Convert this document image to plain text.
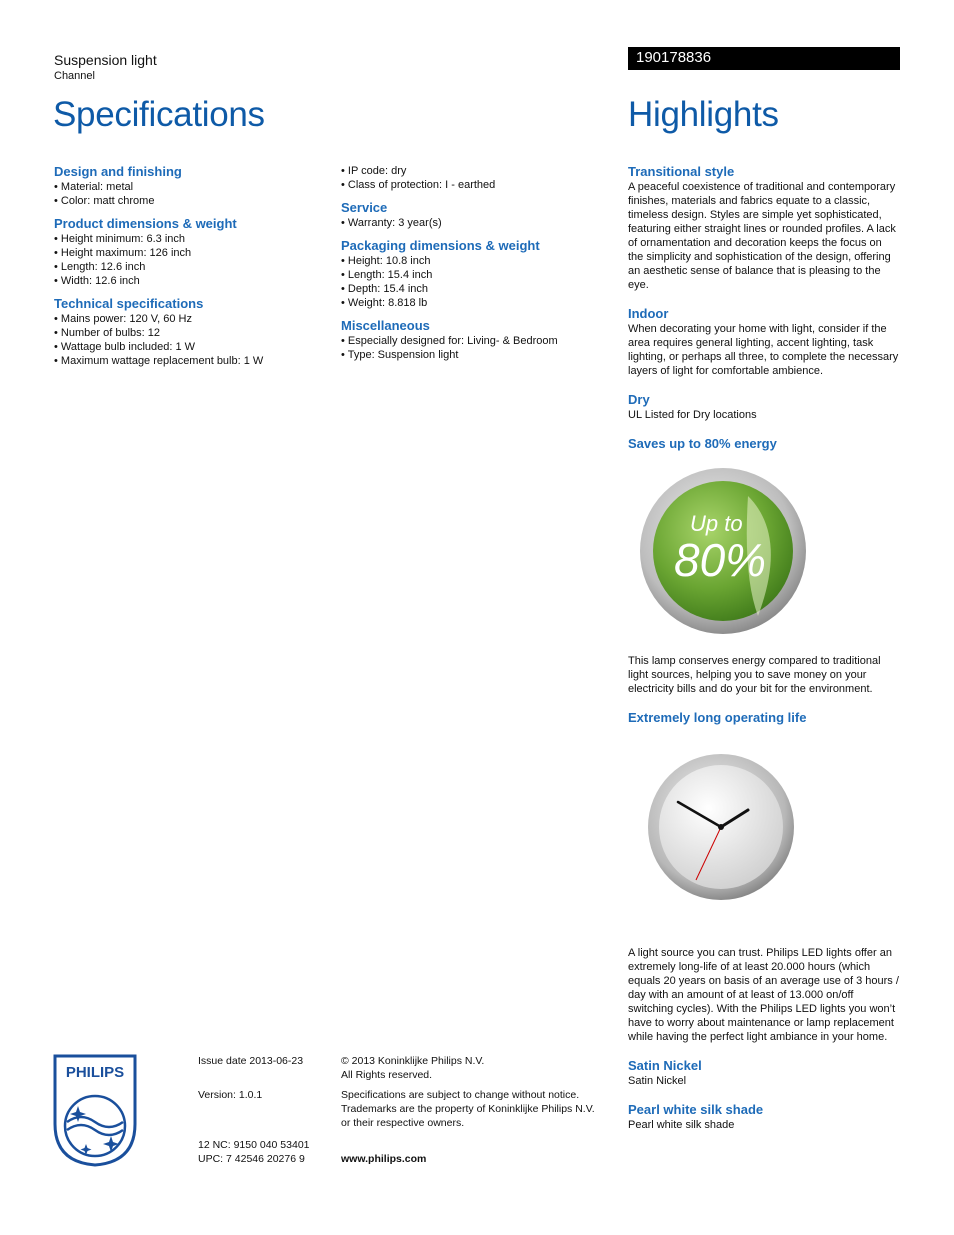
Suspension light
Channel
190178836
Specifications	Highlights
Design and finishing
• Material: metal
• Color: matt chrome
Product dimensions & weight
• Height minimum: 6.3 inch
• Height maximum: 126 inch
• Length: 12.6 inch
• Width: 12.6 inch
Technical specifications
• Mains power: 120 V, 60 Hz
• Number of bulbs: 12
• Wattage bulb included: 1 W
• Maximum wattage replacement bulb: 1 W
• IP code: dry
• Class of protection: I - earthed
Service
• Warranty: 3 year(s)
Packaging dimensions & weight
• Height: 10.8 inch
• Length: 15.4 inch
• Depth: 15.4 inch
• Weight: 8.818 lb
Miscellaneous
• Especially designed for: Living- & Bedroom
• Type: Suspension light
Transitional style
A peaceful coexistence of traditional and contemporary finishes, materials and fabrics equate to a classic, timeless design. Styles are simple yet sophisticated, featuring either straight lines or rounded profiles. A lack of ornamentation and decoration keeps the focus on the simplicity and sophistication of the design, offering an aesthetic sense of balance that is pleasing to the eye.
Indoor
When decorating your home with light, consider if the area requires general lighting, accent lighting, task lighting, or perhaps all three, to complete the necessary layers of light for comfortable ambience.
Dry
UL Listed for Dry locations
Saves up to 80% energy
Up to
80%
This lamp conserves energy compared to traditional light sources, helping you to save money on your electricity bills and do your bit for the environment.
Extremely long operating life
A light source you can trust. Philips LED lights offer an extremely long-life of at least 20.000 hours (which equals 20 years on basis of an average use of 3 hours / day with an amount of at least of 13.000 on/off switching cycles). With the Philips LED lights you won’t have to worry about maintenance or lamp replacement while having the perfect light ambiance in your home.
Satin Nickel
Satin Nickel
Pearl white silk shade
Pearl white silk shade
PHILIPS
Issue date 2013-06-23
Version: 1.0.1
12 NC: 9150 040 53401
UPC: 7 42546 20276 9
© 2013 Koninklijke Philips N.V.
All Rights reserved.
Specifications are subject to change without notice.
Trademarks are the property of Koninklijke Philips N.V.
or their respective owners.
www.philips.com
